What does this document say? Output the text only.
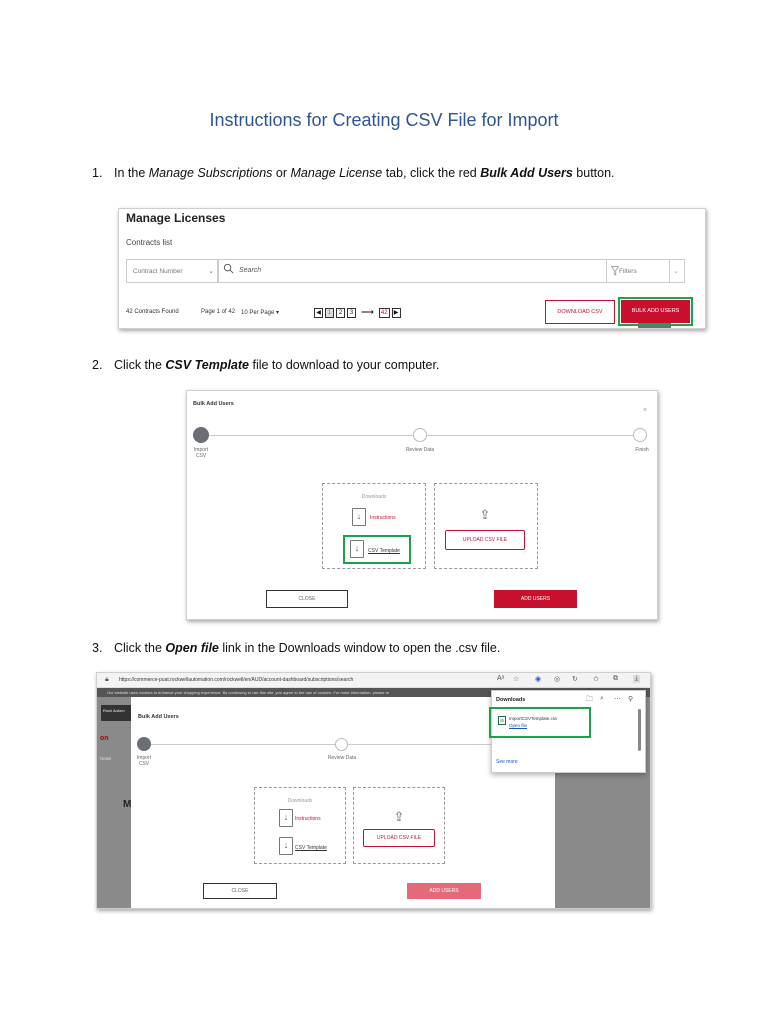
Instructions for Creating CSV File for Import
1. In the Manage Subscriptions or Manage License tab, click the red Bulk Add Users button.
Manage Licenses
Contracts list
Contract Number	⌄	Search	Filters	⌄
42 Contracts Found	Page 1 of 42 10 Per Page ▾	◀	1	2	3 ⟶	42	▶	DOWNLOAD CSV	BULK ADD USERS
2. Click the CSV Template file to download to your computer.
Bulk Add Users
×
Import CSV
Review Data	Finish
Downloads
↓
Instructions
↓
CSV Template
⇪
UPLOAD CSV FILE
CLOSE	ADD USERS
3. Click the Open file link in the Downloads window to open the .csv file.
🔒︎ https://commerce-puat.rockwellautomation.com/rockwell/en/AUD/account-dashboard/subscriptions/search	Aᵃ ☆ ◉ ◎ ↻ ✩ ⧉ ⤓
Our website uses cookies to enhance your shopping experience. By continuing to use this site, you agree to the use of cookies. For more information, please re
Rock Autom
on
TIONS
M
Bulk Add Users
Import CSV
Review Data
Downloads
↓
Instructions
↓
CSV Template
⇪
UPLOAD CSV FILE
CLOSE	ADD USERS
Downloads	🗀︎ ⌕ ⋯ ⚲
⊞	ImportCSVTemplate.csv
Open file
See more
